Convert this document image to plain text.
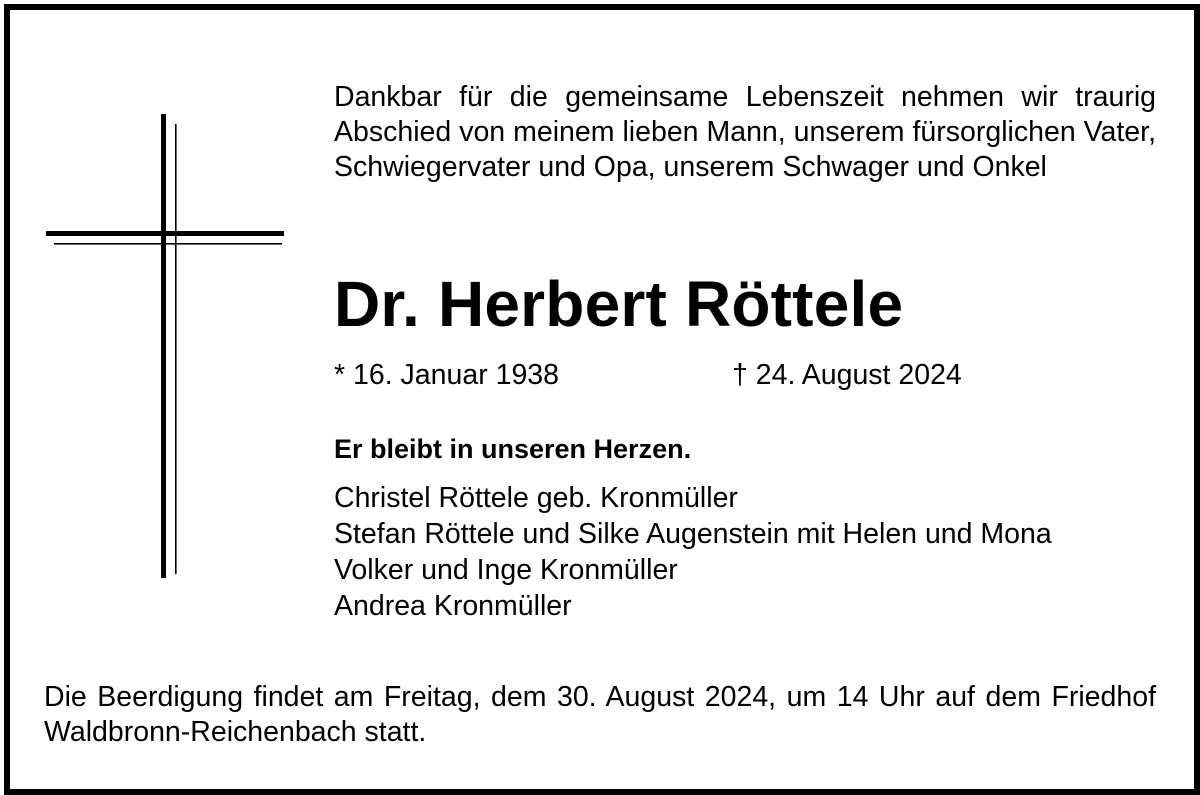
Dankbar für die gemeinsame Lebenszeit nehmen wir traurig Abschied von meinem lieben Mann, unserem fürsorglichen Vater, Schwiegervater und Opa, unserem Schwager und Onkel

Dr. Herbert Röttele
* 16. Januar 1938	† 24. August 2024

Er bleibt in unseren Herzen.

Christel Röttele geb. Kronmüller
Stefan Röttele und Silke Augenstein mit Helen und Mona
Volker und Inge Kronmüller
Andrea Kronmüller

Die Beerdigung findet am Freitag, dem 30. August 2024, um 14 Uhr auf dem Friedhof Waldbronn-Reichenbach statt.
